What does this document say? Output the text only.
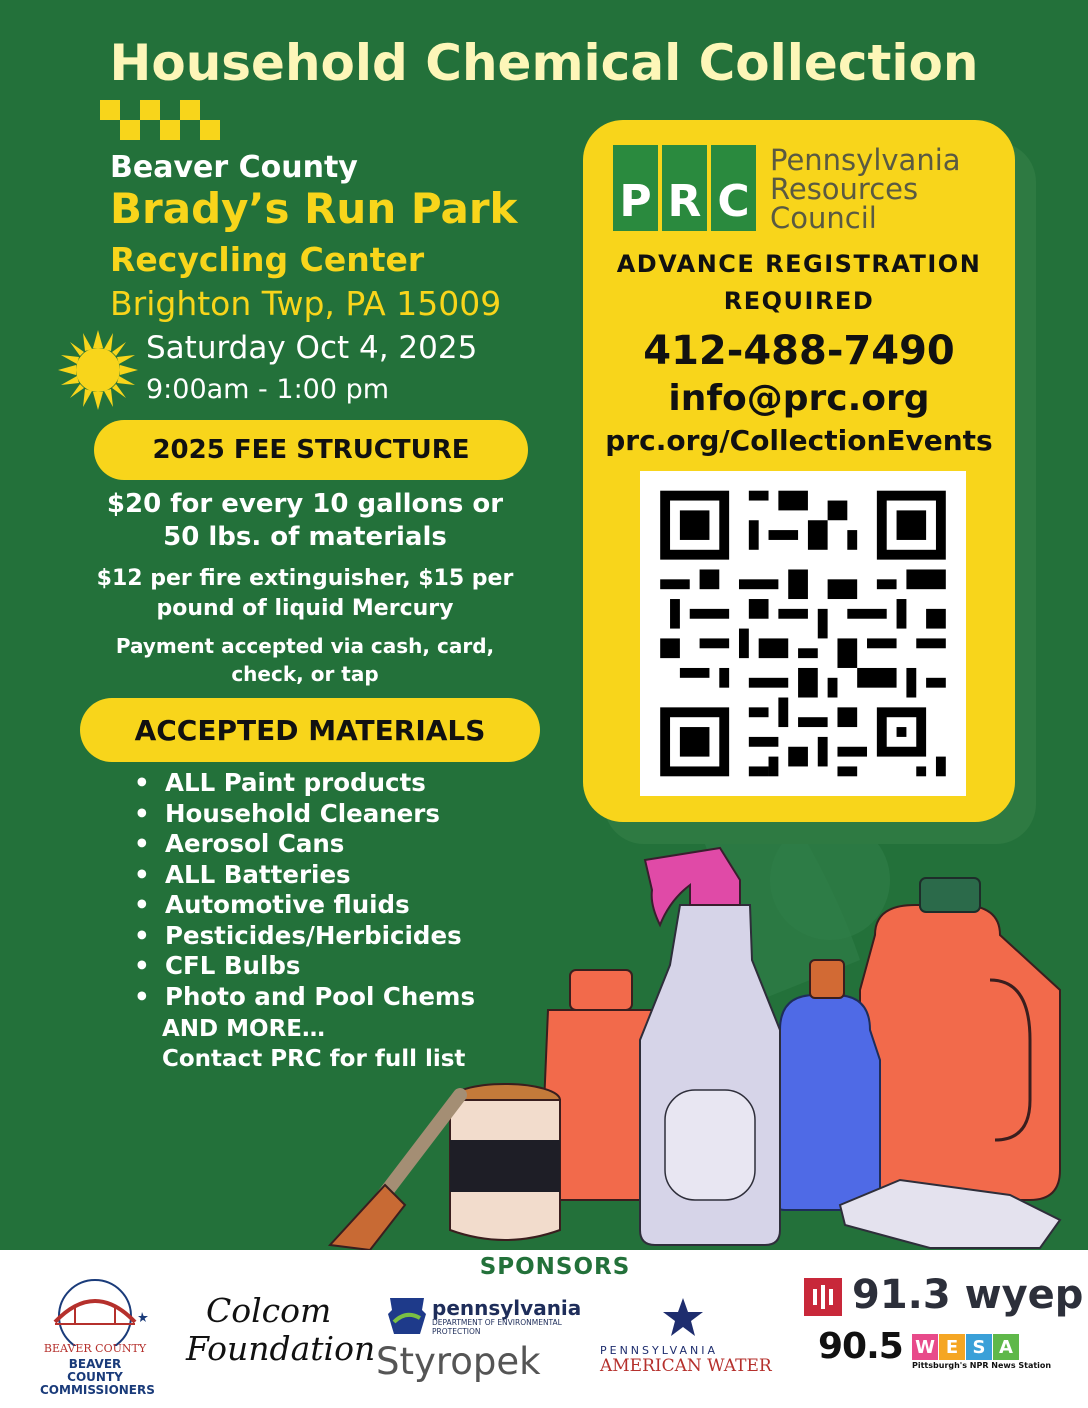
Household Chemical Collection
Beaver County
Brady’s Run Park
Recycling Center
Brighton Twp, PA 15009
Saturday Oct 4, 2025
9:00am - 1:00 pm
2025 FEE STRUCTURE
$20 for every 10 gallons or
50 lbs. of materials
$12 per fire extinguisher, $15 per
pound of liquid Mercury
Payment accepted via cash, card,
check, or tap
ACCEPTED MATERIALS
• ALL Paint products
• Household Cleaners
• Aerosol Cans
• ALL Batteries
• Automotive fluids
• Pesticides/Herbicides
• CFL Bulbs
• Photo and Pool Chems
AND MORE…
Contact PRC for full list
P R C
Pennsylvania
Resources
Council
ADVANCE REGISTRATION
REQUIRED
412-488-7490
info@prc.org
prc.org/CollectionEvents
SPONSORS
BEAVER COUNTY
BEAVER COUNTY
COMMISSIONERS
Colcom
Foundation
pennsylvania
DEPARTMENT OF ENVIRONMENTAL
PROTECTION
Styropek	PENNSYLVANIA
AMERICAN WATER
91.3 wyep
90.5 W E S A
Pittsburgh's NPR News Station
